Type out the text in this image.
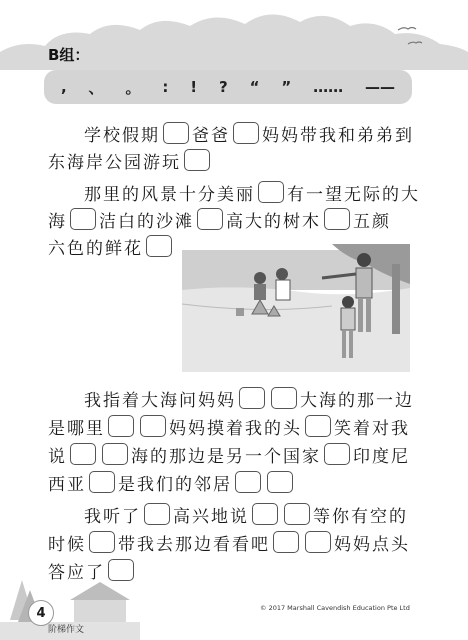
B组：
, 、 。 : ! ? “ ” …… ——
学校假期 爸爸 妈妈带我和弟弟到
东海岸公园游玩
那里的风景十分美丽 有一望无际的大
海 洁白的沙滩 高大的树木 五颜
六色的鲜花
我指着大海问妈妈	大海的那一边
是哪里	妈妈摸着我的头 笑着对我
说	海的那边是另一个国家 印度尼
西亚 是我们的邻居
我听了 高兴地说	等你有空的
时候 带我去那边看看吧	妈妈点头
答应了
4
阶梯作文
© 2017 Marshall Cavendish Education Pte Ltd
